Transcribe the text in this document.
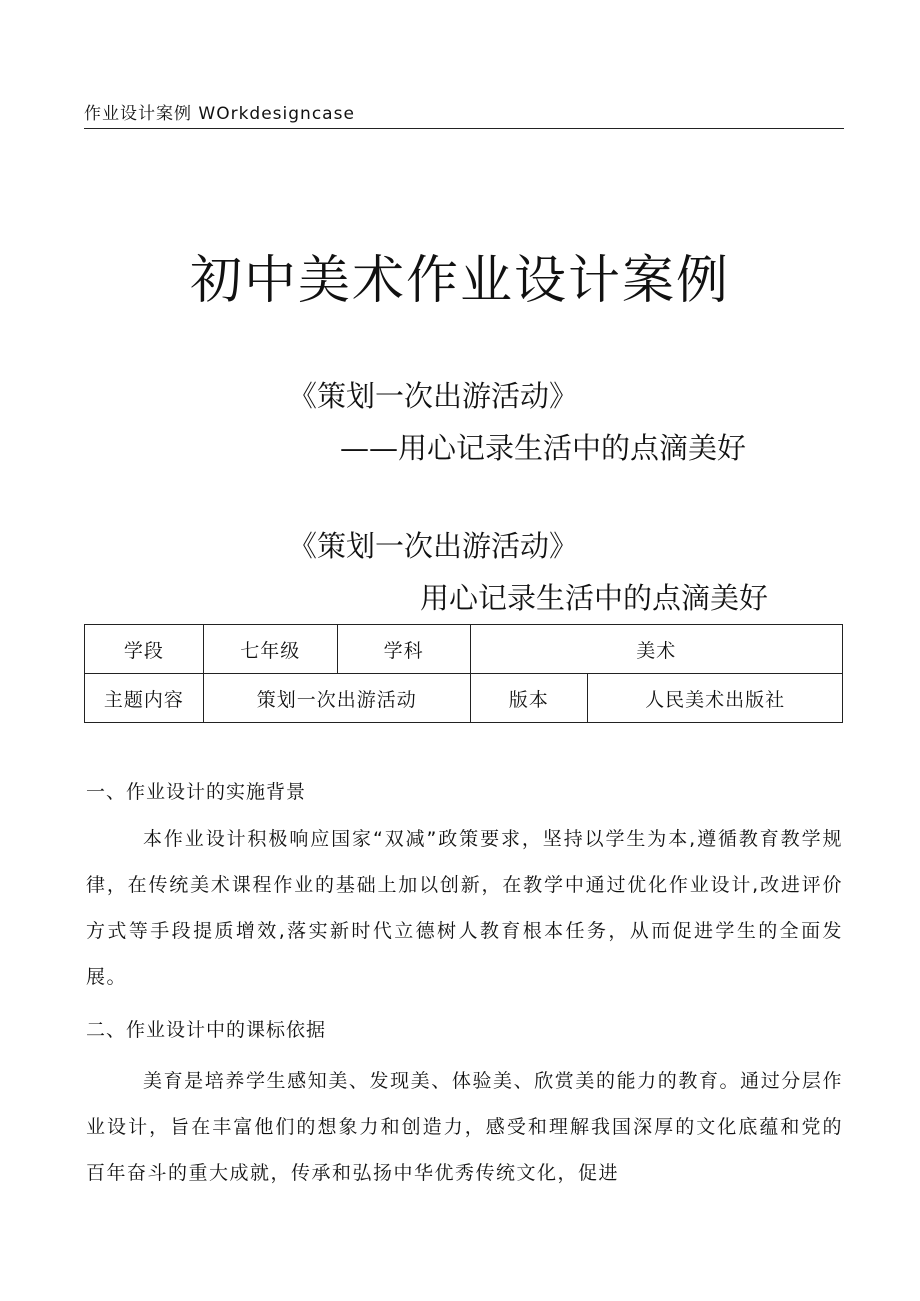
作业设计案例 WOrkdesigncase
初中美术作业设计案例
《策划一次出游活动》
——用心记录生活中的点滴美好
《策划一次出游活动》
用心记录生活中的点滴美好
学段	七年级	学科	美术	
主题内容	策划一次出游活动		版本	人民美术出版社
一、作业设计的实施背景
本作业设计积极响应国家“双减”政策要求，坚持以学生为本,遵循教育教学规律，在传统美术课程作业的基础上加以创新，在教学中通过优化作业设计,改进评价方式等手段提质增效,落实新时代立德树人教育根本任务，从而促进学生的全面发展。
二、作业设计中的课标依据
美育是培养学生感知美、发现美、体验美、欣赏美的能力的教育。通过分层作业设计，旨在丰富他们的想象力和创造力，感受和理解我国深厚的文化底蕴和党的百年奋斗的重大成就，传承和弘扬中华优秀传统文化，促进
